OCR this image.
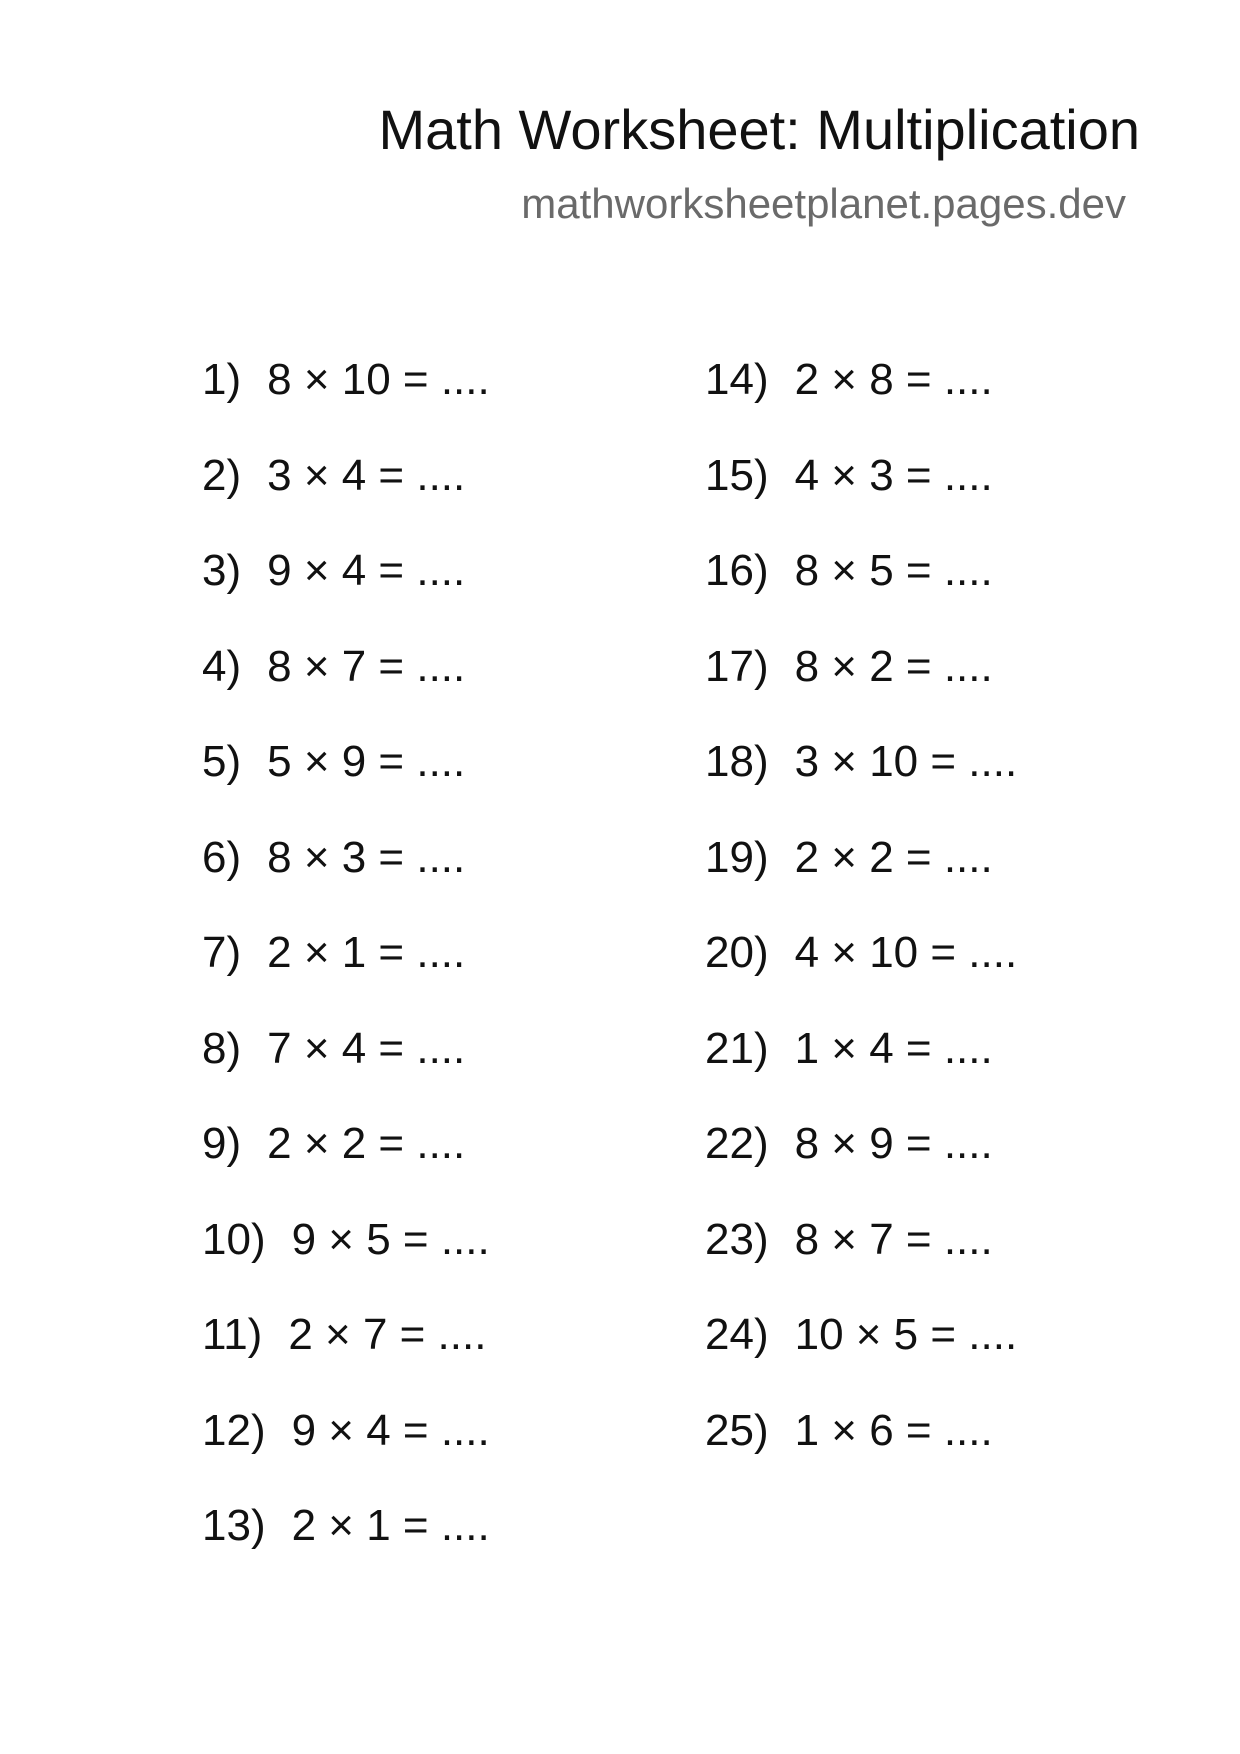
Math Worksheet: Multiplication
mathworksheetplanet.pages.dev
1) 8 × 10 = ....
2) 3 × 4 = ....
3) 9 × 4 = ....
4) 8 × 7 = ....
5) 5 × 9 = ....
6) 8 × 3 = ....
7) 2 × 1 = ....
8) 7 × 4 = ....
9) 2 × 2 = ....
10) 9 × 5 = ....
11) 2 × 7 = ....
12) 9 × 4 = ....
13) 2 × 1 = ....
14) 2 × 8 = ....
15) 4 × 3 = ....
16) 8 × 5 = ....
17) 8 × 2 = ....
18) 3 × 10 = ....
19) 2 × 2 = ....
20) 4 × 10 = ....
21) 1 × 4 = ....
22) 8 × 9 = ....
23) 8 × 7 = ....
24) 10 × 5 = ....
25) 1 × 6 = ....
